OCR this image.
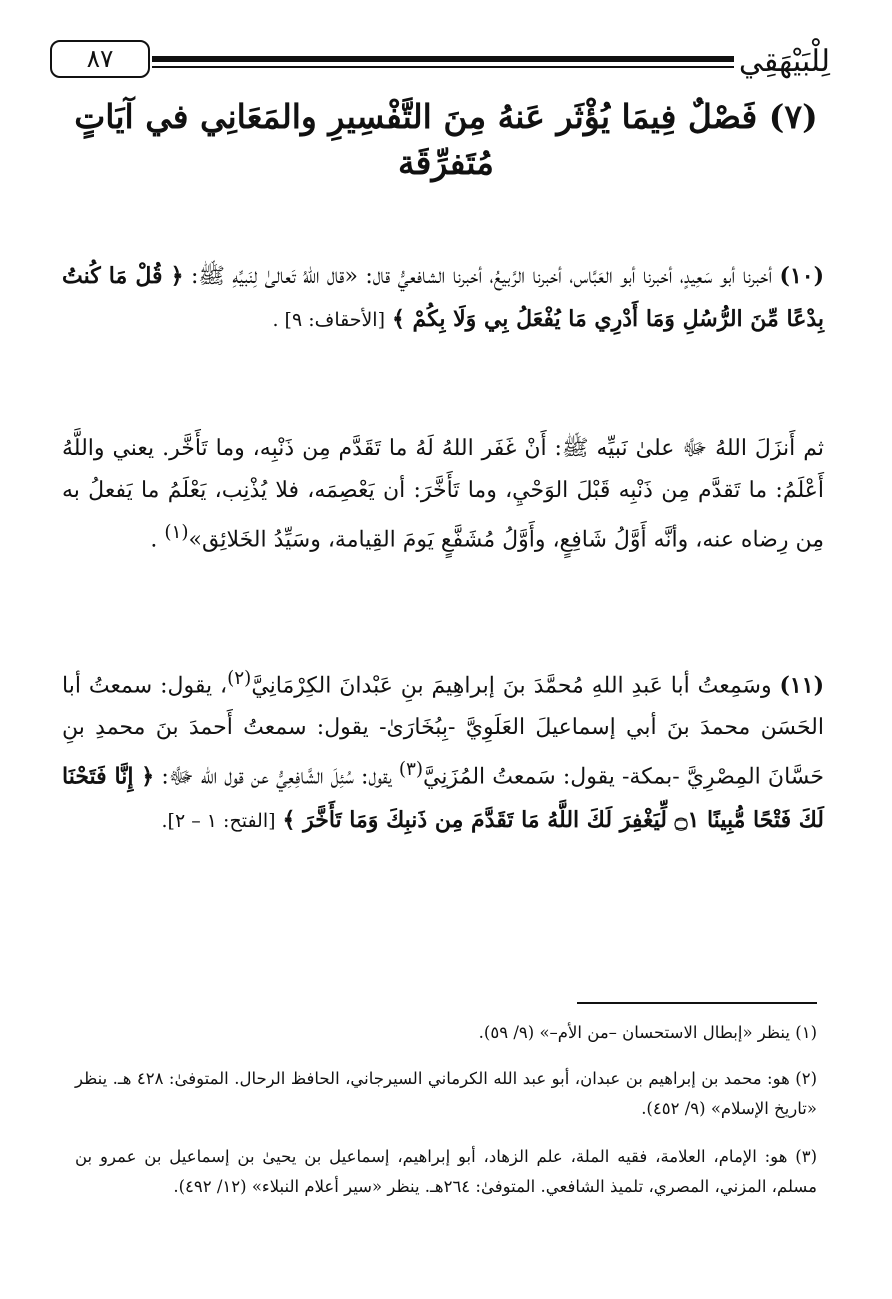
لِلْبَيْهَقِي
٨٧
(٧) فَصْلٌ فِيمَا يُؤْثَر عَنهُ مِنَ التَّفْسِيرِ والمَعَانِي في آيَاتٍ
مُتَفرِّقَة
(١٠) أخبرنا أبو سَعِيدٍ، أخبرنا أبو العَبَّاس، أخبرنا الرَّبيعُ، أخبرنا الشافعيُّ قال: «قال اللهُ تَعالىٰ لِنَبيِّهِ ﷺ: ﴿ قُلْ مَا كُنتُ بِدْعًا مِّنَ الرُّسُلِ وَمَا أَدْرِي مَا يُفْعَلُ بِي وَلَا بِكُمْ ﴾ [الأحقاف: ٩] .
ثم أَنزَلَ اللهُ ﷻ علىٰ نَبيِّه ﷺ: أَنْ غَفَر اللهُ لَهُ ما تَقَدَّم مِن ذَنْبِه، وما تَأَخَّر. يعني واللَّهُ أَعْلَمُ: ما تَقدَّم مِن ذَنْبِه قَبْلَ الوَحْيِ، وما تَأَخَّرَ: أن يَعْصِمَه، فلا يُذْنِب، يَعْلَمُ ما يَفعلُ به مِن رِضاه عنه، وأنَّه أَوَّلُ شَافِعٍ، وأَوَّلُ مُشَفَّعٍ يَومَ القِيامة، وسَيِّدُ الخَلائِق»$^{(١)}$ .
(١١) وسَمِعتُ أبا عَبدِ اللهِ مُحمَّدَ بنَ إبراهِيمَ بنِ عَبْدانَ الكِرْمَانِيَّ$^{(٢)}$، يقول: سمعتُ أبا الحَسَن محمدَ بنَ أبي إسماعيلَ العَلَوِيَّ -بِبُخَارَىٰ- يقول: سمعتُ أَحمدَ بنَ محمدِ بنِ حَسَّانَ المِصْرِيَّ -بمكة- يقول: سَمعتُ المُزَنِيَّ$^{(٣)}$ يقول: سُئِلَ الشَّافِعِيُّ عن قول الله ﷻ: ﴿ إِنَّا فَتَحْنَا لَكَ فَتْحًا مُّبِينًا ۝١ لِّيَغْفِرَ لَكَ اللَّهُ مَا تَقَدَّمَ مِن ذَنبِكَ وَمَا تَأَخَّرَ ﴾ [الفتح: ١ – ٢].
(١) ينظر «إبطال الاستحسان –من الأم–» (٩/ ٥٩).
(٢) هو: محمد بن إبراهيم بن عبدان، أبو عبد الله الكرماني السيرجاني، الحافظ الرحال. المتوفىٰ: ٤٢٨ هـ. ينظر «تاريخ الإسلام» (٩/ ٤٥٢).
(٣) هو: الإمام، العلامة، فقيه الملة، علم الزهاد، أبو إبراهيم، إسماعيل بن يحيىٰ بن إسماعيل بن عمرو بن مسلم، المزني، المصري، تلميذ الشافعي. المتوفىٰ: ٢٦٤هـ. ينظر «سير أعلام النبلاء» (١٢/ ٤٩٢).
